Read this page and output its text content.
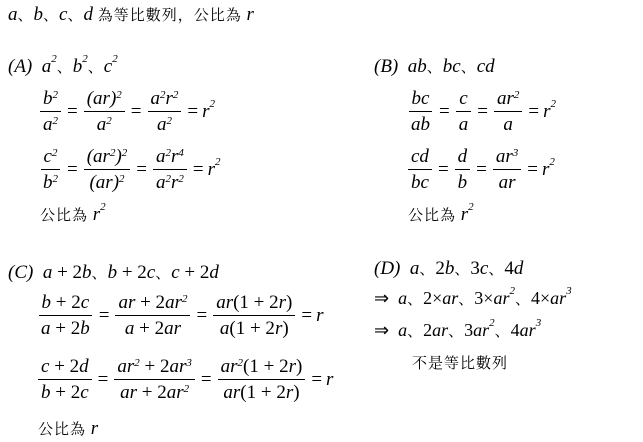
a、b、c、d 為等比數列，公比為 r
(A) $a^2$、$b^2$、$c^2$
$\frac{b^2}{a^2} = \frac{(ar)^2}{a^2} = \frac{a^2r^2}{a^2} = r^2$
$\frac{c^2}{b^2} = \frac{(ar^2)^2}{(ar)^2} = \frac{a^2r^4}{a^2r^2} = r^2$
公比為 $r^2$
(B) ab、bc、cd
$\frac{bc}{ab} = \frac{c}{a} = \frac{ar^2}{a} = r^2$
$\frac{cd}{bc} = \frac{d}{b} = \frac{ar^3}{ar} = r^2$
公比為 $r^2$
(C) a + 2b、b + 2c、c + 2d
$\frac{b + 2c}{a + 2b} = \frac{ar + 2ar^2}{a + 2ar} = \frac{ar(1 + 2r)}{a(1 + 2r)} = r$
$\frac{c + 2d}{b + 2c} = \frac{ar^2 + 2ar^3}{ar + 2ar^2} = \frac{ar^2(1 + 2r)}{ar(1 + 2r)} = r$
公比為 r
(D) a、2b、3c、4d
⇒ a、2×ar、$3\times ar^2$、$4\times ar^3$
⇒ a、2ar、$3ar^2$、$4ar^3$
不是等比數列
